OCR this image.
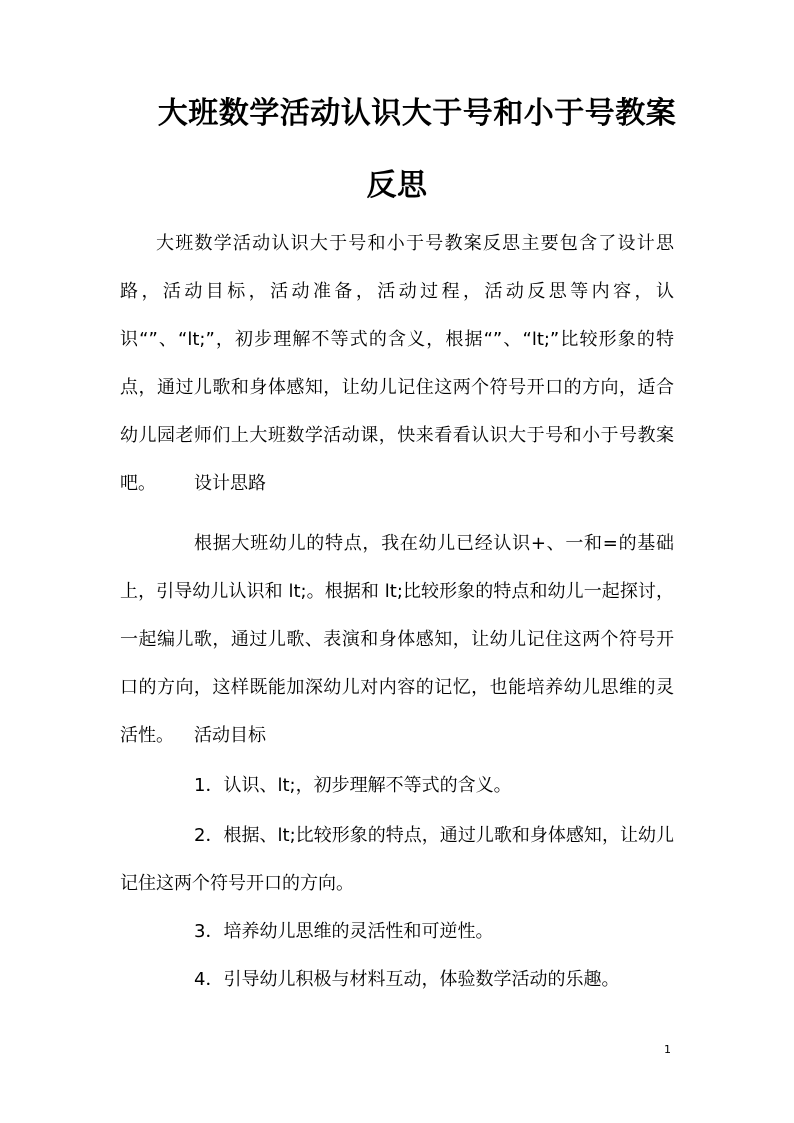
大班数学活动认识大于号和小于号教案
反思

大班数学活动认识大于号和小于号教案反思主要包含了设计思路，活动目标，活动准备，活动过程，活动反思等内容，认识“”、“lt;”，初步理解不等式的含义，根据“”、“lt;”比较形象的特点，通过儿歌和身体感知，让幼儿记住这两个符号开口的方向，适合幼儿园老师们上大班数学活动课，快来看看认识大于号和小于号教案吧。	设计思路

根据大班幼儿的特点，我在幼儿已经认识+、一和=的基础上，引导幼儿认识和 lt;。根据和 lt;比较形象的特点和幼儿一起探讨，一起编儿歌，通过儿歌、表演和身体感知，让幼儿记住这两个符号开口的方向，这样既能加深幼儿对内容的记忆，也能培养幼儿思维的灵活性。	活动目标

1．认识、lt;，初步理解不等式的含义。

2．根据、lt;比较形象的特点，通过儿歌和身体感知，让幼儿记住这两个符号开口的方向。

3．培养幼儿思维的灵活性和可逆性。

4．引导幼儿积极与材料互动，体验数学活动的乐趣。

1
